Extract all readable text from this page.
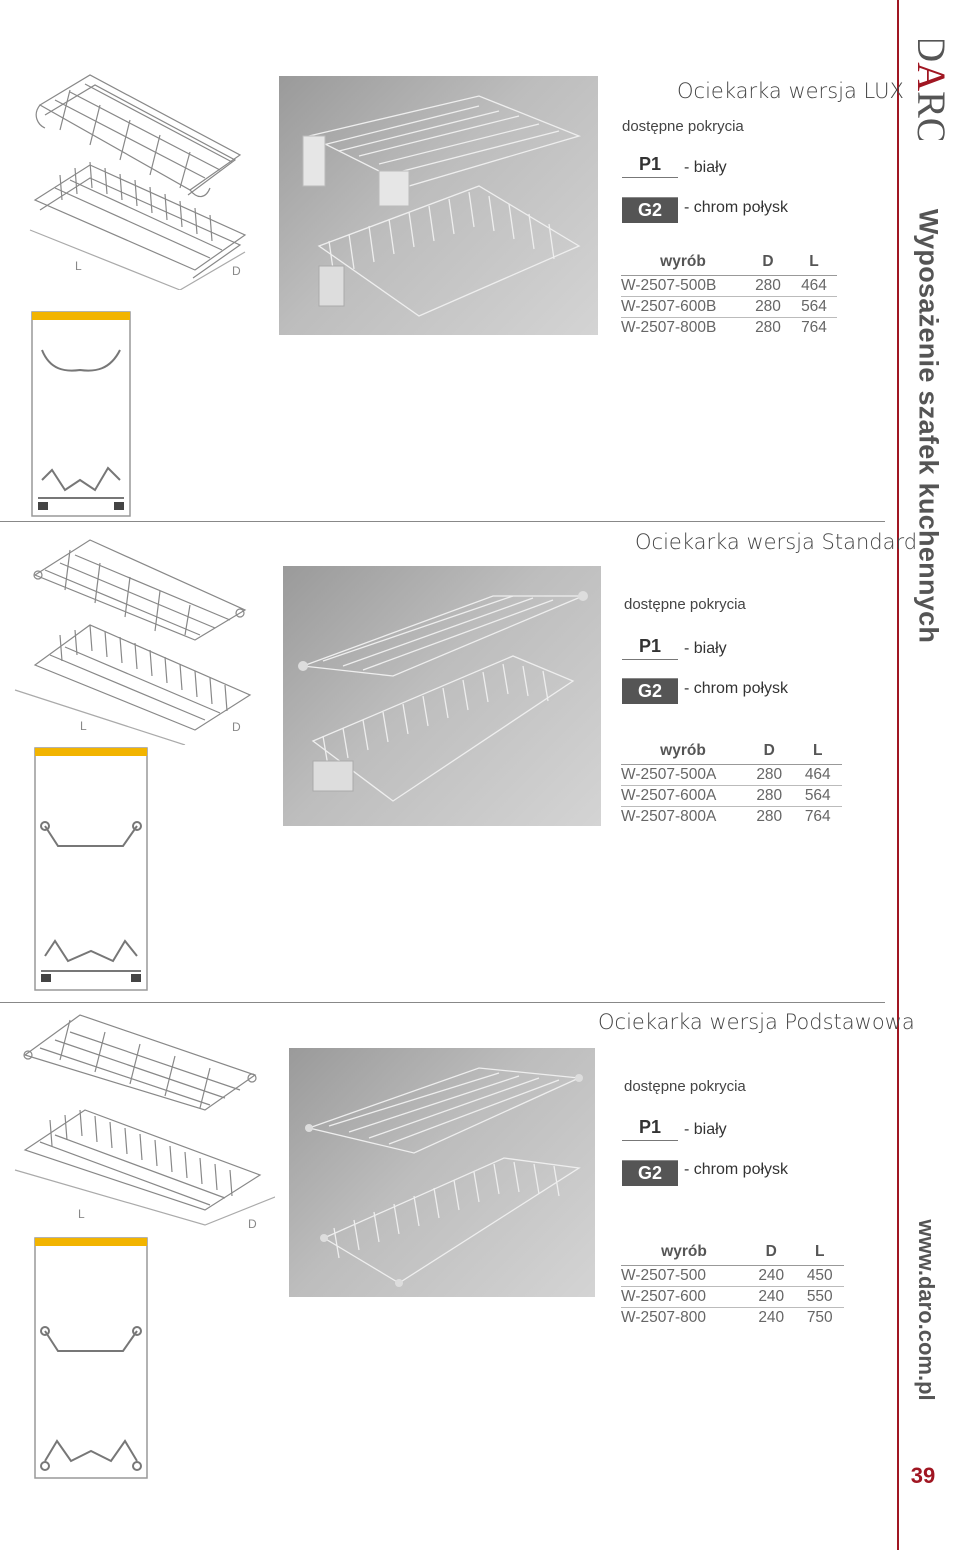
DARO
Wyposażenie szafek kuchennych
www.daro.com.pl
39
L	D
Ociekarka wersja LUX
dostępne pokrycia
P1	- biały
G2	- chrom połysk
wyrób	D	L
W-2507-500B	280	464
W-2507-600B	280	564
W-2507-800B	280	764
L	D
Ociekarka wersja Standard
dostępne pokrycia
P1	- biały
G2	- chrom połysk
wyrób	D	L
W-2507-500A	280	464
W-2507-600A	280	564
W-2507-800A	280	764
L
D
Ociekarka wersja Podstawowa
dostępne pokrycia
P1	- biały
G2	- chrom połysk
wyrób	D	L
W-2507-500	240	450
W-2507-600	240	550
W-2507-800	240	750
